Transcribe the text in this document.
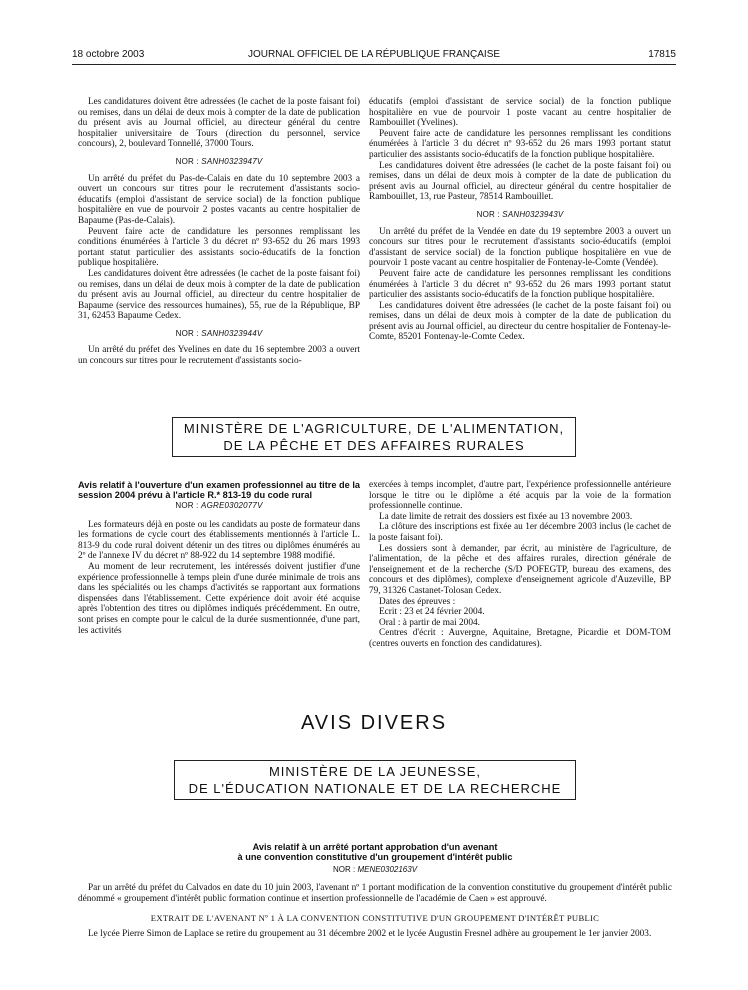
18 octobre 2003	JOURNAL OFFICIEL DE LA RÉPUBLIQUE FRANÇAISE	17815

Les candidatures doivent être adressées (le cachet de la poste faisant foi) ou remises, dans un délai de deux mois à compter de la date de publication du présent avis au Journal officiel, au directeur général du centre hospitalier universitaire de Tours (direction du personnel, service concours), 2, boulevard Tonnellé, 37000 Tours.

NOR : SANH0323947V

Un arrêté du préfet du Pas-de-Calais en date du 10 septembre 2003 a ouvert un concours sur titres pour le recrutement d'assistants socio-éducatifs (emploi d'assistant de service social) de la fonction publique hospitalière en vue de pourvoir 2 postes vacants au centre hospitalier de Bapaume (Pas-de-Calais).

Peuvent faire acte de candidature les personnes remplissant les conditions énumérées à l'article 3 du décret nº 93-652 du 26 mars 1993 portant statut particulier des assistants socio-éducatifs de la fonction publique hospitalière.

Les candidatures doivent être adressées (le cachet de la poste faisant foi) ou remises, dans un délai de deux mois à compter de la date de publication du présent avis au Journal officiel, au directeur du centre hospitalier de Bapaume (service des ressources humaines), 55, rue de la République, BP 31, 62453 Bapaume Cedex.

NOR : SANH0323944V

Un arrêté du préfet des Yvelines en date du 16 septembre 2003 a ouvert un concours sur titres pour le recrutement d'assistants socio-

éducatifs (emploi d'assistant de service social) de la fonction publique hospitalière en vue de pourvoir 1 poste vacant au centre hospitalier de Rambouillet (Yvelines).

Peuvent faire acte de candidature les personnes remplissant les conditions énumérées à l'article 3 du décret nº 93-652 du 26 mars 1993 portant statut particulier des assistants socio-éducatifs de la fonction publique hospitalière.

Les candidatures doivent être adressées (le cachet de la poste faisant foi) ou remises, dans un délai de deux mois à compter de la date de publication du présent avis au Journal officiel, au directeur général du centre hospitalier de Rambouillet, 13, rue Pasteur, 78514 Rambouillet.

NOR : SANH0323943V

Un arrêté du préfet de la Vendée en date du 19 septembre 2003 a ouvert un concours sur titres pour le recrutement d'assistants socio-éducatifs (emploi d'assistant de service social) de la fonction publique hospitalière en vue de pourvoir 1 poste vacant au centre hospitalier de Fontenay-le-Comte (Vendée).

Peuvent faire acte de candidature les personnes remplissant les conditions énumérées à l'article 3 du décret nº 93-652 du 26 mars 1993 portant statut particulier des assistants socio-éducatifs de la fonction publique hospitalière.

Les candidatures doivent être adressées (le cachet de la poste faisant foi) ou remises, dans un délai de deux mois à compter de la date de publication du présent avis au Journal officiel, au directeur du centre hospitalier de Fontenay-le-Comte, 85201 Fontenay-le-Comte Cedex.

MINISTÈRE DE L'AGRICULTURE, DE L'ALIMENTATION,
DE LA PÊCHE ET DES AFFAIRES RURALES
Avis relatif à l'ouverture d'un examen professionnel au titre de la session 2004 prévu à l'article R.* 813-19 du code rural
NOR : AGRE0302077V

Les formateurs déjà en poste ou les candidats au poste de formateur dans les formations de cycle court des établissements mentionnés à l'article L. 813-9 du code rural doivent détenir un des titres ou diplômes énumérés au 2º de l'annexe IV du décret nº 88-922 du 14 septembre 1988 modifié.

Au moment de leur recrutement, les intéressés doivent justifier d'une expérience professionnelle à temps plein d'une durée minimale de trois ans dans les spécialités ou les champs d'activités se rapportant aux formations dispensées dans l'établissement. Cette expérience doit avoir été acquise après l'obtention des titres ou diplômes indiqués précédemment. En outre, sont prises en compte pour le calcul de la durée susmentionnée, d'une part, les activités

exercées à temps incomplet, d'autre part, l'expérience professionnelle antérieure lorsque le titre ou le diplôme a été acquis par la voie de la formation professionnelle continue.

La date limite de retrait des dossiers est fixée au 13 novembre 2003.

La clôture des inscriptions est fixée au 1er décembre 2003 inclus (le cachet de la poste faisant foi).

Les dossiers sont à demander, par écrit, au ministère de l'agriculture, de l'alimentation, de la pêche et des affaires rurales, direction générale de l'enseignement et de la recherche (S/D POFEGTP, bureau des examens, des concours et des diplômes), complexe d'enseignement agricole d'Auzeville, BP 79, 31326 Castanet-Tolosan Cedex.

Dates des épreuves :

Ecrit : 23 et 24 février 2004.

Oral : à partir de mai 2004.

Centres d'écrit : Auvergne, Aquitaine, Bretagne, Picardie et DOM-TOM (centres ouverts en fonction des candidatures).

AVIS DIVERS
MINISTÈRE DE LA JEUNESSE,
DE L'ÉDUCATION NATIONALE ET DE LA RECHERCHE
Avis relatif à un arrêté portant approbation d'un avenant
à une convention constitutive d'un groupement d'intérêt public
NOR : MENE0302163V

Par un arrêté du préfet du Calvados en date du 10 juin 2003, l'avenant nº 1 portant modification de la convention constitutive du groupement d'intérêt public dénommé « groupement d'intérêt public formation continue et insertion professionnelle de l'académie de Caen » est approuvé.

EXTRAIT DE L'AVENANT Nº 1 À LA CONVENTION CONSTITUTIVE D'UN GROUPEMENT D'INTÉRÊT PUBLIC

Le lycée Pierre Simon de Laplace se retire du groupement au 31 décembre 2002 et le lycée Augustin Fresnel adhère au groupement le 1er janvier 2003.
